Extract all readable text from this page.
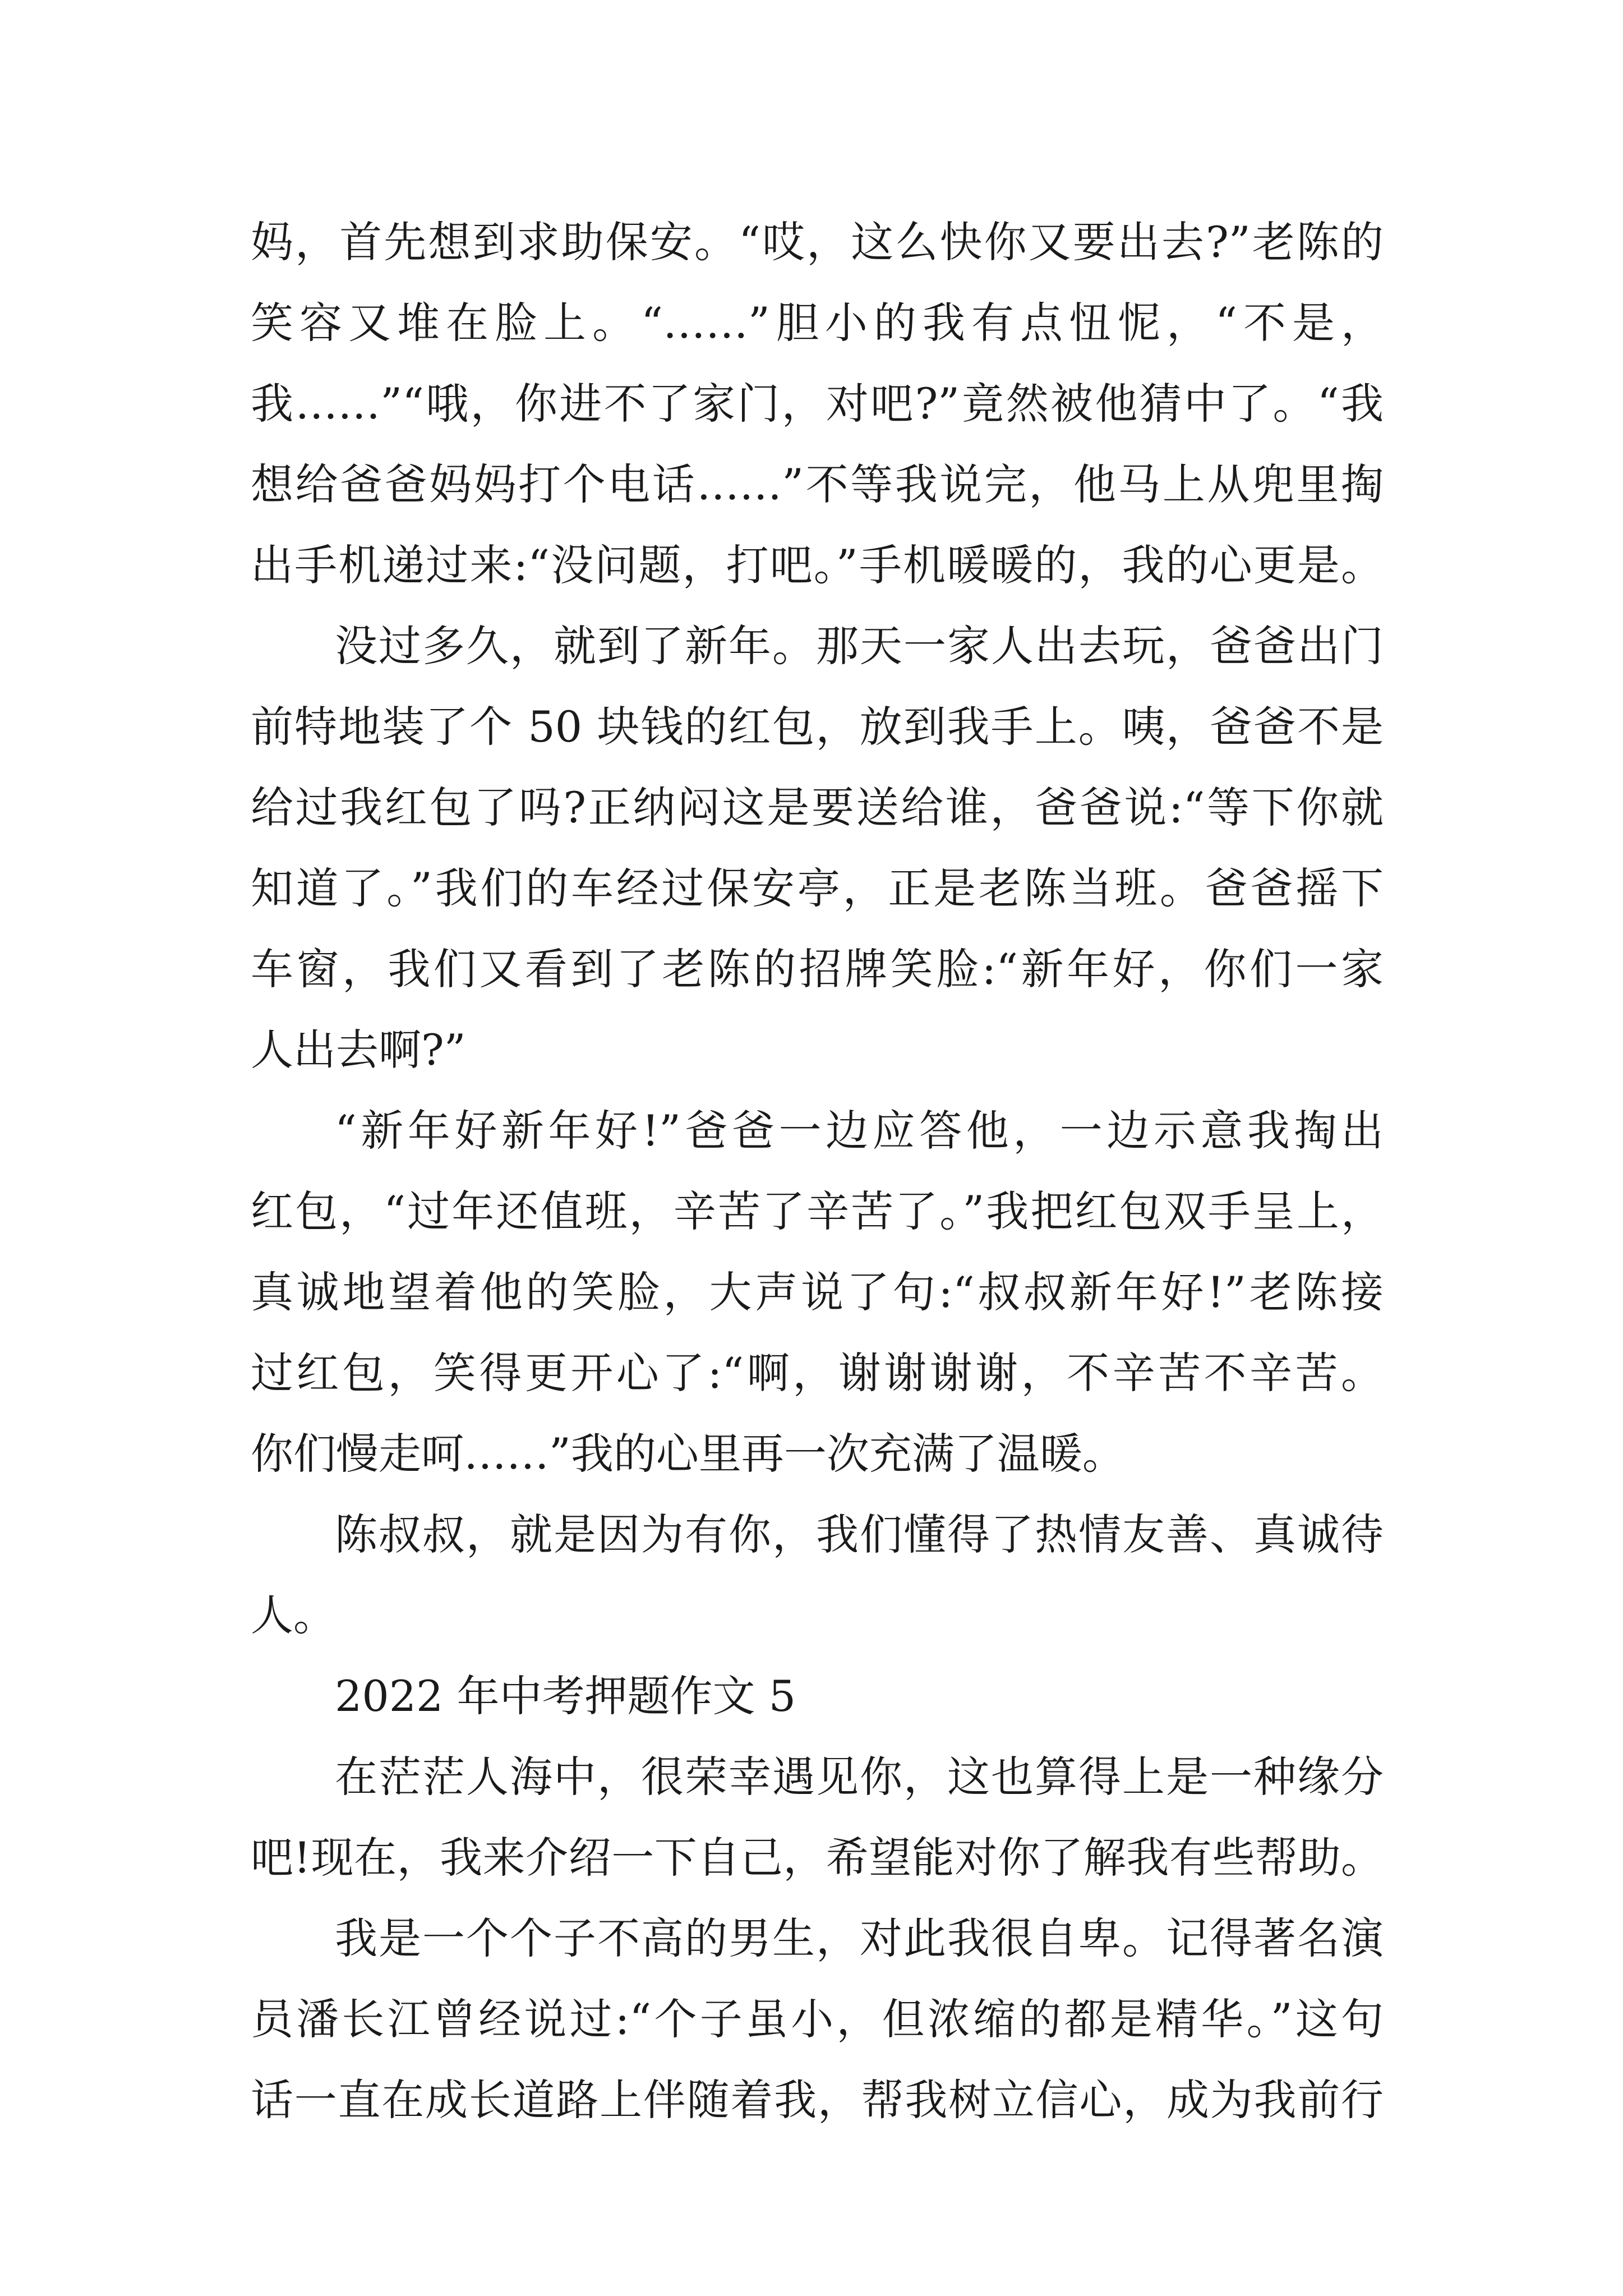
妈，首先想到求助保安。“哎，这么快你又要出去?”老陈的
笑容又堆在脸上。“……”胆小的我有点忸怩，“不是，
我……”“哦，你进不了家门，对吧?”竟然被他猜中了。“我
想给爸爸妈妈打个电话……”不等我说完，他马上从兜里掏
出手机递过来:“没问题，打吧。”手机暖暖的，我的心更是。
没过多久，就到了新年。那天一家人出去玩，爸爸出门
前特地装了个 50 块钱的红包，放到我手上。咦，爸爸不是
给过我红包了吗?正纳闷这是要送给谁，爸爸说:“等下你就
知道了。”我们的车经过保安亭，正是老陈当班。爸爸摇下
车窗，我们又看到了老陈的招牌笑脸:“新年好，你们一家
人出去啊?”
“新年好新年好!”爸爸一边应答他，一边示意我掏出
红包，“过年还值班，辛苦了辛苦了。”我把红包双手呈上，
真诚地望着他的笑脸，大声说了句:“叔叔新年好!”老陈接
过红包，笑得更开心了:“啊，谢谢谢谢，不辛苦不辛苦。
你们慢走呵……”我的心里再一次充满了温暖。
陈叔叔，就是因为有你，我们懂得了热情友善、真诚待
人。
2022 年中考押题作文 5
在茫茫人海中，很荣幸遇见你，这也算得上是一种缘分
吧!现在，我来介绍一下自己，希望能对你了解我有些帮助。
我是一个个子不高的男生，对此我很自卑。记得著名演
员潘长江曾经说过:“个子虽小，但浓缩的都是精华。”这句
话一直在成长道路上伴随着我，帮我树立信心，成为我前行
